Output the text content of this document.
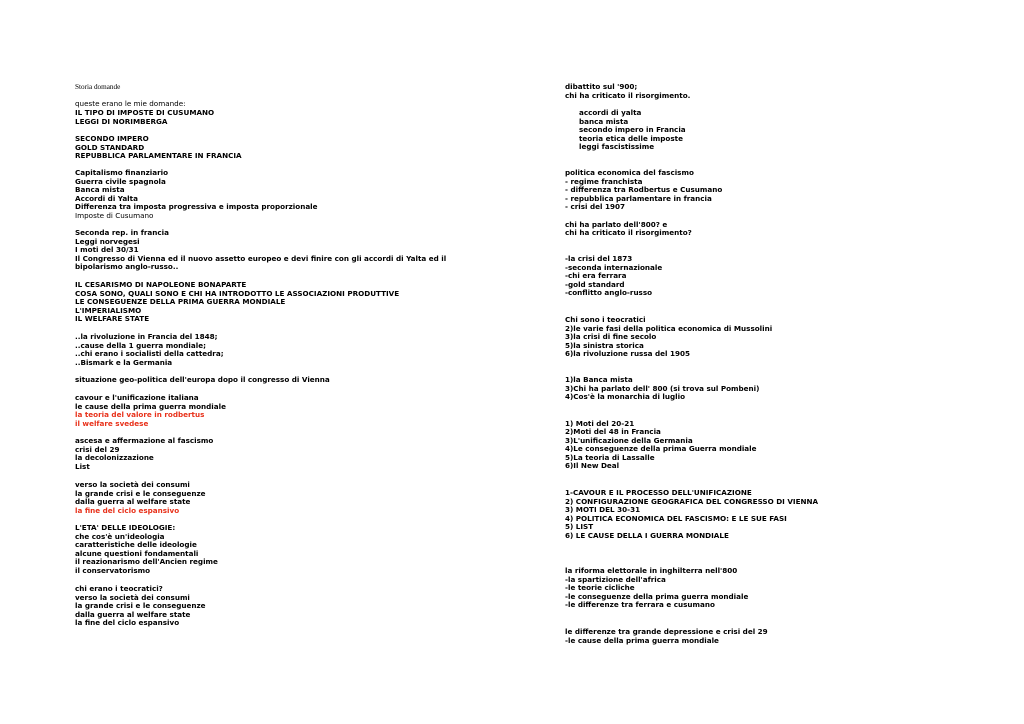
Storia domande
queste erano le mie domande:
IL TIPO DI IMPOSTE DI CUSUMANO
LEGGI DI NORIMBERGA
SECONDO IMPERO
GOLD STANDARD
REPUBBLICA PARLAMENTARE IN FRANCIA
Capitalismo finanziario
Guerra civile spagnola
Banca mista
Accordi di Yalta
Differenza tra imposta progressiva e imposta proporzionale
Imposte di Cusumano
Seconda rep. in francia
Leggi norvegesi
I moti del 30/31
Il Congresso di Vienna ed il nuovo assetto europeo e devi finire con gli accordi di Yalta ed il
bipolarismo anglo-russo..
IL CESARISMO DI NAPOLEONE BONAPARTE
COSA SONO, QUALI SONO E CHI HA INTRODOTTO LE ASSOCIAZIONI PRODUTTIVE
LE CONSEGUENZE DELLA PRIMA GUERRA MONDIALE
L'IMPERIALISMO
IL WELFARE STATE
..la rivoluzione in Francia del 1848;
..cause della 1 guerra mondiale;
..chi erano i socialisti della cattedra;
..Bismark e la Germania
situazione geo-politica dell'europa dopo il congresso di Vienna
cavour e l'unificazione italiana
le cause della prima guerra mondiale
la teoria del valore in rodbertus
il welfare svedese
ascesa e affermazione al fascismo
crisi del 29
la decolonizzazione
List
verso la società dei consumi
la grande crisi e le conseguenze
dalla guerra al welfare state
la fine del ciclo espansivo
L'ETA' DELLE IDEOLOGIE:
che cos'è un'ideologia
caratteristiche delle ideologie
alcune questioni fondamentali
il reazionarismo dell'Ancien regime
il conservatorismo
chi erano i teocratici?
verso la società dei consumi
la grande crisi e le conseguenze
dalla guerra al welfare state
la fine del ciclo espansivo
dibattito sul '900;
chi ha criticato il risorgimento.
accordi di yalta
banca mista
secondo impero in Francia
teoria etica delle imposte
leggi fascistissime
politica economica del fascismo
- regime franchista
- differenza tra Rodbertus e Cusumano
- repubblica parlamentare in francia
- crisi del 1907
chi ha parlato dell'800? e
chi ha criticato il risorgimento?
-la crisi del 1873
-seconda internazionale
-chi era ferrara
-gold standard
-conflitto anglo-russo
Chi sono i teocratici
2)le varie fasi della politica economica di Mussolini
3)la crisi di fine secolo
5)la sinistra storica
6)la rivoluzione russa del 1905
1)la Banca mista
3)Chi ha parlato dell' 800 (si trova sul Pombeni)
4)Cos'è la monarchia di luglio
1) Moti del 20-21
2)Moti del 48 in Francia
3)L'unificazione della Germania
4)Le conseguenze della prima Guerra mondiale
5)La teoria di Lassalle
6)Il New Deal
1-CAVOUR E IL PROCESSO DELL'UNIFICAZIONE
2) CONFIGURAZIONE GEOGRAFICA DEL CONGRESSO DI VIENNA
3) MOTI DEL 30-31
4) POLITICA ECONOMICA DEL FASCISMO: E LE SUE FASI
5) LIST
6) LE CAUSE DELLA I GUERRA MONDIALE
la riforma elettorale in inghilterra nell'800
-la spartizione dell'africa
-le teorie cicliche
-le conseguenze della prima guerra mondiale
-le differenze tra ferrara e cusumano
le differenze tra grande depressione e crisi del 29
-le cause della prima guerra mondiale
